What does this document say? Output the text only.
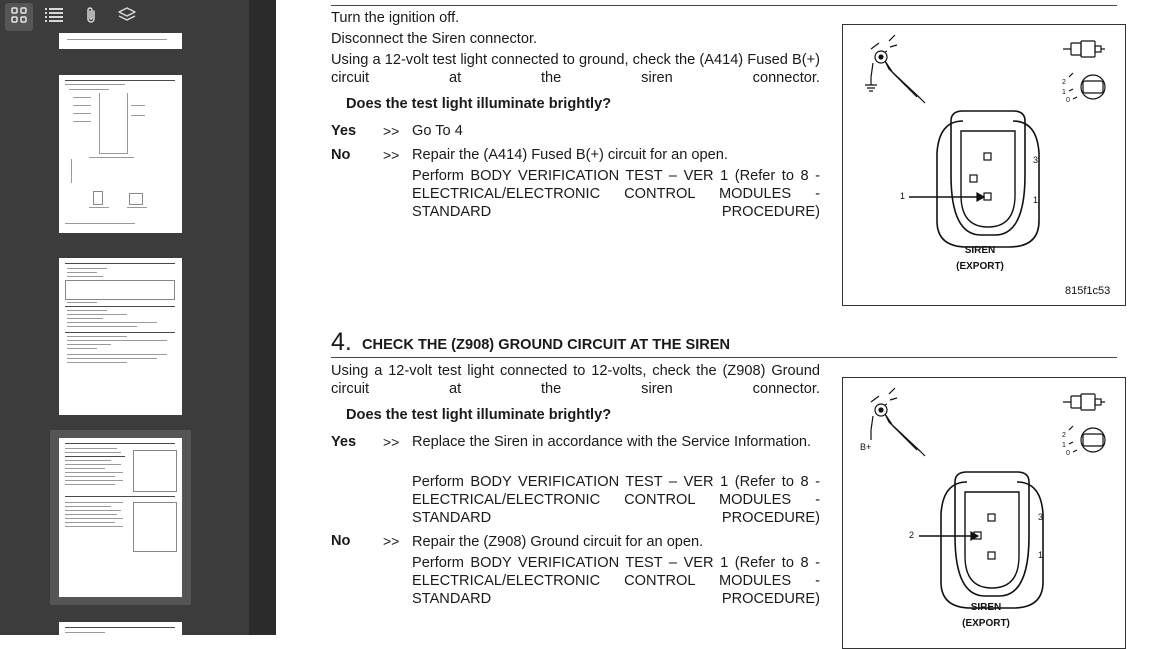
Turn the ignition off.
Disconnect the Siren connector.
Using a 12-volt test light connected to ground, check the (A414) Fused B(+) circuit at the siren connector.
Does the test light illuminate brightly?
Yes >> Go To 4
No >> Repair the (A414) Fused B(+) circuit for an open.
Perform BODY VERIFICATION TEST – VER 1 (Refer to 8 - ELECTRICAL/ELECTRONIC CONTROL MODULES - STANDARD PROCEDURE)
1
3
1
2
1
0
SIREN
(EXPORT)
815f1c53
4. CHECK THE (Z908) GROUND CIRCUIT AT THE SIREN
Using a 12-volt test light connected to 12-volts, check the (Z908) Ground circuit at the siren connector.
Does the test light illuminate brightly?
Yes >> Replace the Siren in accordance with the Service Information.
Perform BODY VERIFICATION TEST – VER 1 (Refer to 8 - ELECTRICAL/ELECTRONIC CONTROL MODULES - STANDARD PROCEDURE)
No >> Repair the (Z908) Ground circuit for an open.
Perform BODY VERIFICATION TEST – VER 1 (Refer to 8 - ELECTRICAL/ELECTRONIC CONTROL MODULES - STANDARD PROCEDURE)
B+
2
3
1
2
1
0
SIREN
(EXPORT)
